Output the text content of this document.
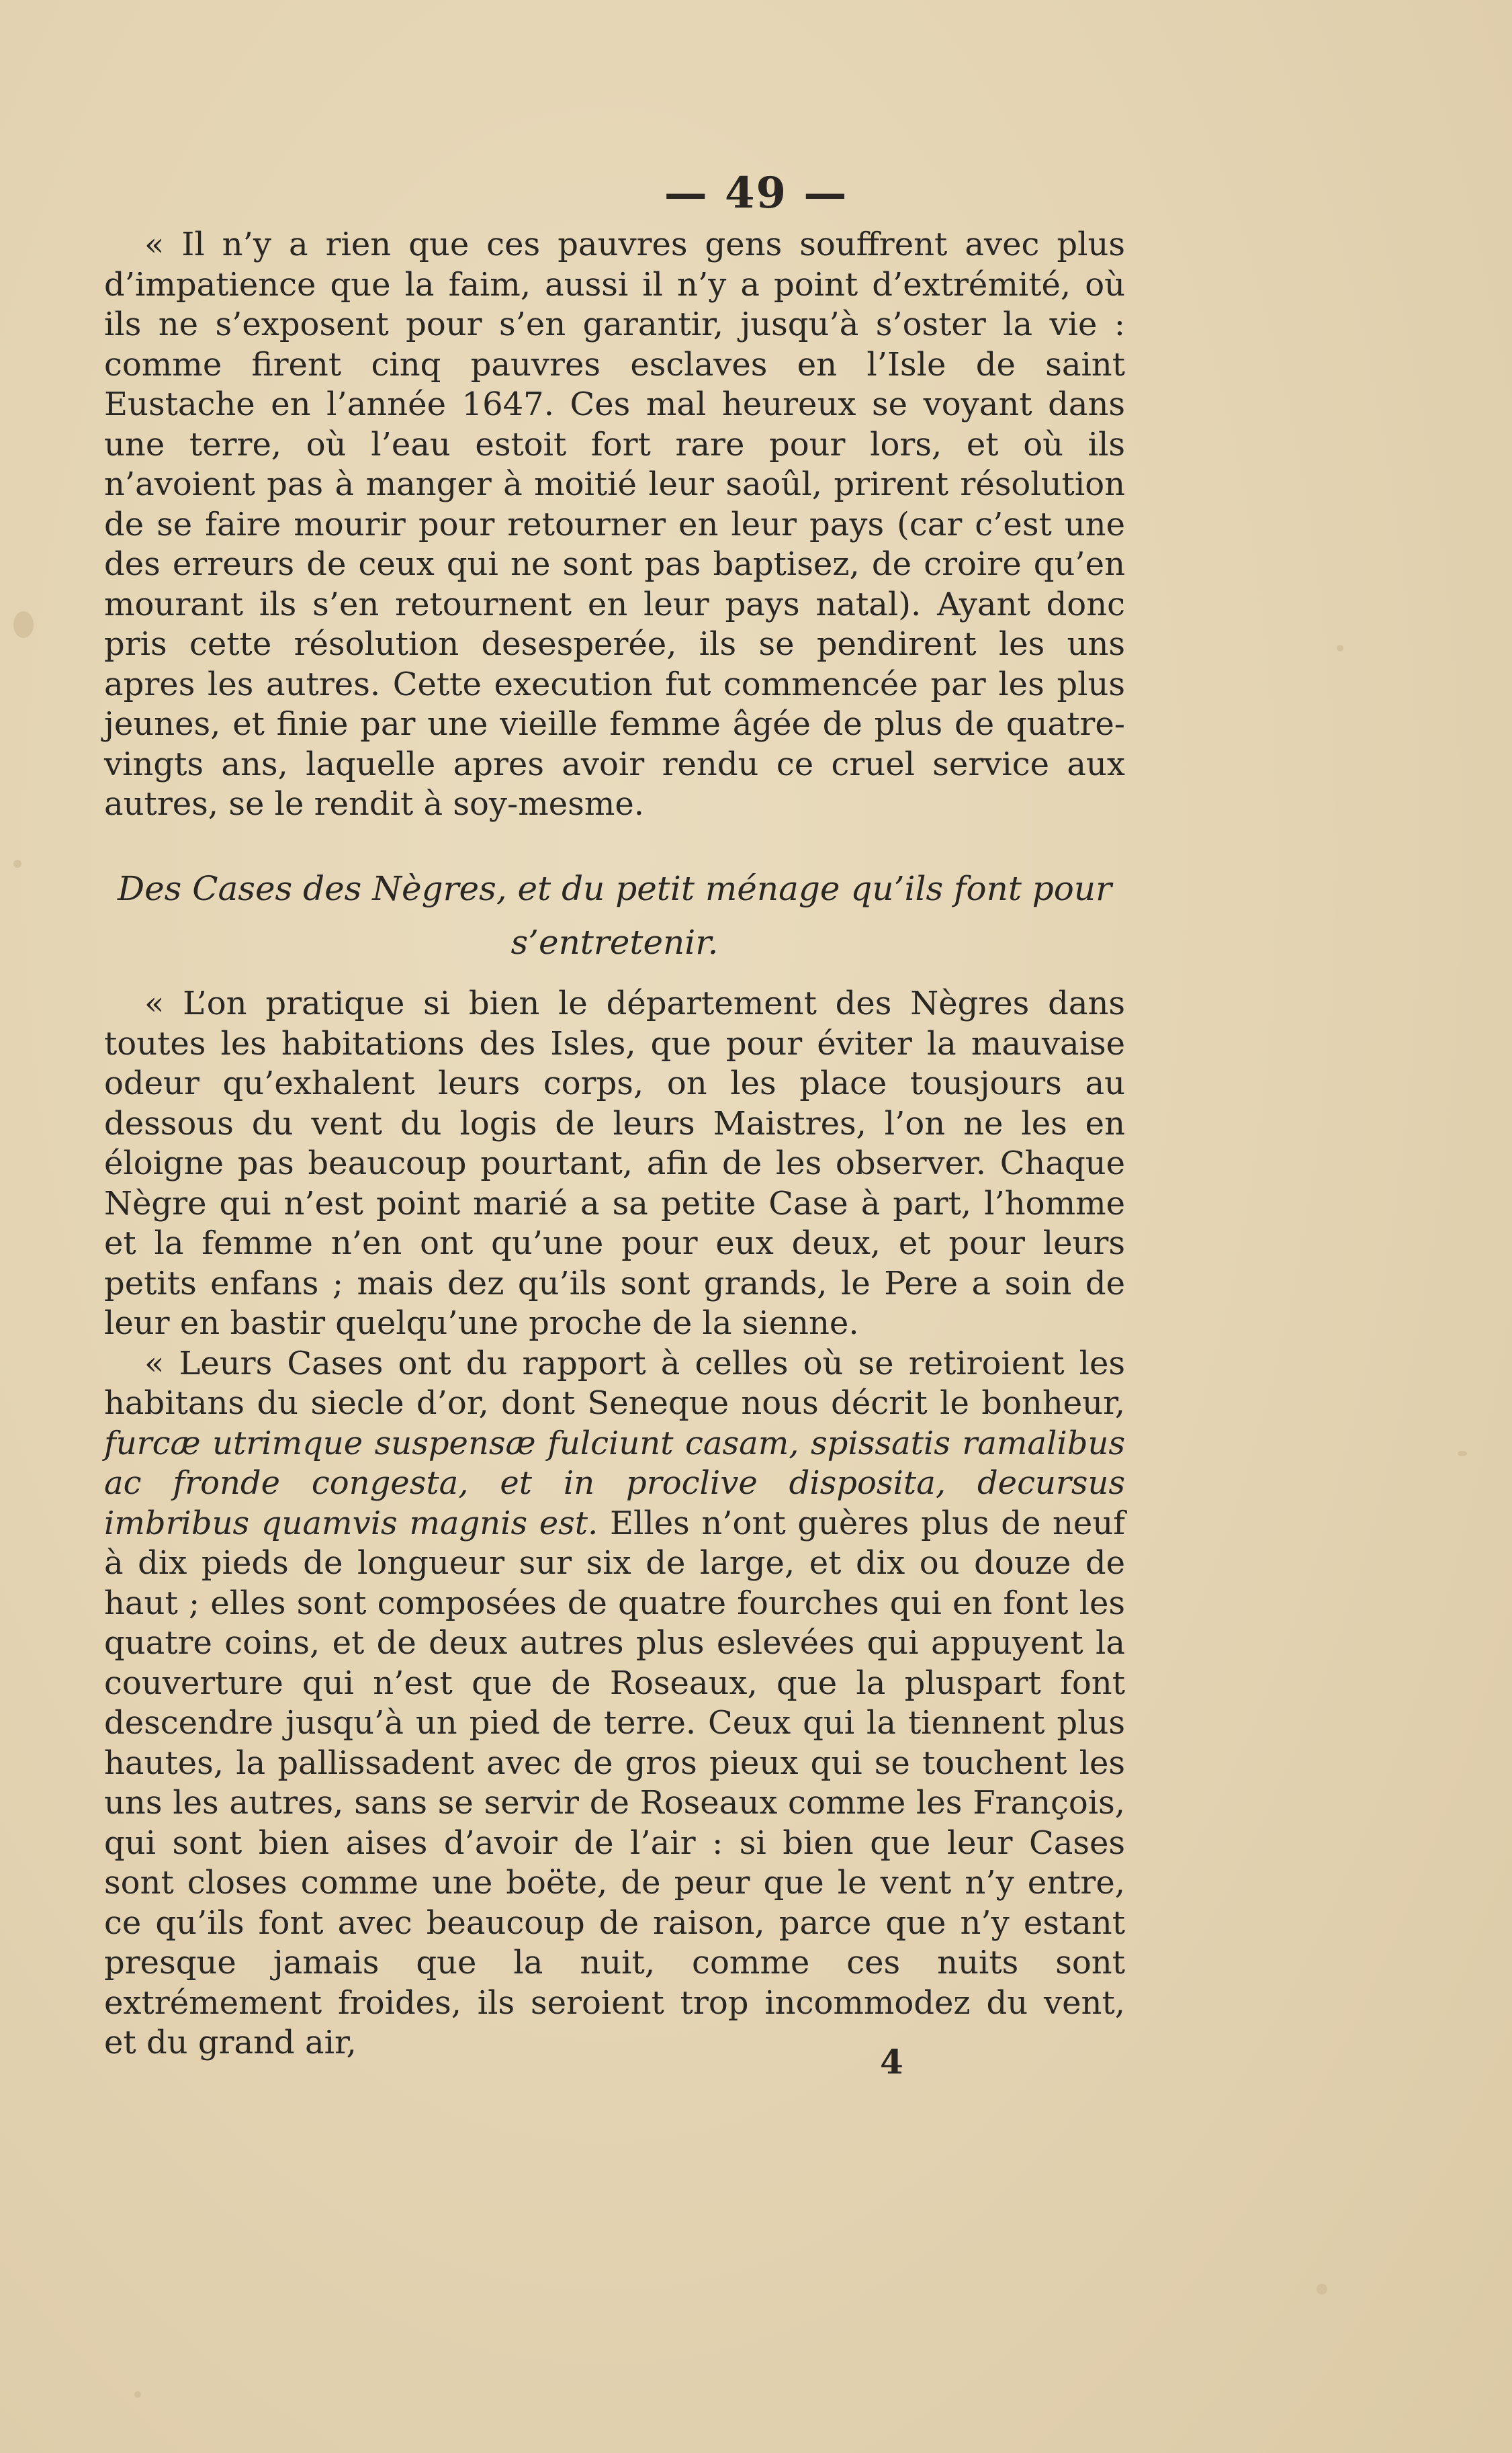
— 49 —

« Il n’y a rien que ces pauvres gens souffrent avec plus d’impatience que la faim, aussi il n’y a point d’extrémité, où ils ne s’exposent pour s’en garantir, jusqu’à s’oster la vie : comme firent cinq pauvres esclaves en l’Isle de saint Eustache en l’année 1647. Ces mal heureux se voyant dans une terre, où l’eau estoit fort rare pour lors, et où ils n’avoient pas à manger à moitié leur saoûl, prirent résolution de se faire mourir pour retourner en leur pays (car c’est une des erreurs de ceux qui ne sont pas baptisez, de croire qu’en mourant ils s’en retournent en leur pays natal). Ayant donc pris cette résolution desesperée, ils se pendirent les uns apres les autres. Cette execution fut commencée par les plus jeunes, et finie par une vieille femme âgée de plus de quatre-vingts ans, laquelle apres avoir rendu ce cruel service aux autres, se le rendit à soy-mesme.

Des Cases des Nègres, et du petit ménage qu’ils font pour s’entretenir.

« L’on pratique si bien le département des Nègres dans toutes les habitations des Isles, que pour éviter la mauvaise odeur qu’exhalent leurs corps, on les place tousjours au dessous du vent du logis de leurs Maistres, l’on ne les en éloigne pas beaucoup pourtant, afin de les observer. Chaque Nègre qui n’est point marié a sa petite Case à part, l’homme et la femme n’en ont qu’une pour eux deux, et pour leurs petits enfans ; mais dez qu’ils sont grands, le Pere a soin de leur en bastir quelqu’une proche de la sienne.

« Leurs Cases ont du rapport à celles où se retiroient les habitans du siecle d’or, dont Seneque nous décrit le bonheur, furcæ utrimque suspensæ fulciunt casam, spissatis ramalibus ac fronde congesta, et in proclive disposita, decursus imbribus quamvis magnis est. Elles n’ont guères plus de neuf à dix pieds de longueur sur six de large, et dix ou douze de haut ; elles sont composées de quatre fourches qui en font les quatre coins, et de deux autres plus eslevées qui appuyent la couverture qui n’est que de Roseaux, que la pluspart font descendre jusqu’à un pied de terre. Ceux qui la tiennent plus hautes, la pallissadent avec de gros pieux qui se touchent les uns les autres, sans se servir de Roseaux comme les François, qui sont bien aises d’avoir de l’air : si bien que leur Cases sont closes comme une boëte, de peur que le vent n’y entre, ce qu’ils font avec beaucoup de raison, parce que n’y estant presque jamais que la nuit, comme ces nuits sont extrémement froides, ils seroient trop incommodez du vent, et du grand air,	4
